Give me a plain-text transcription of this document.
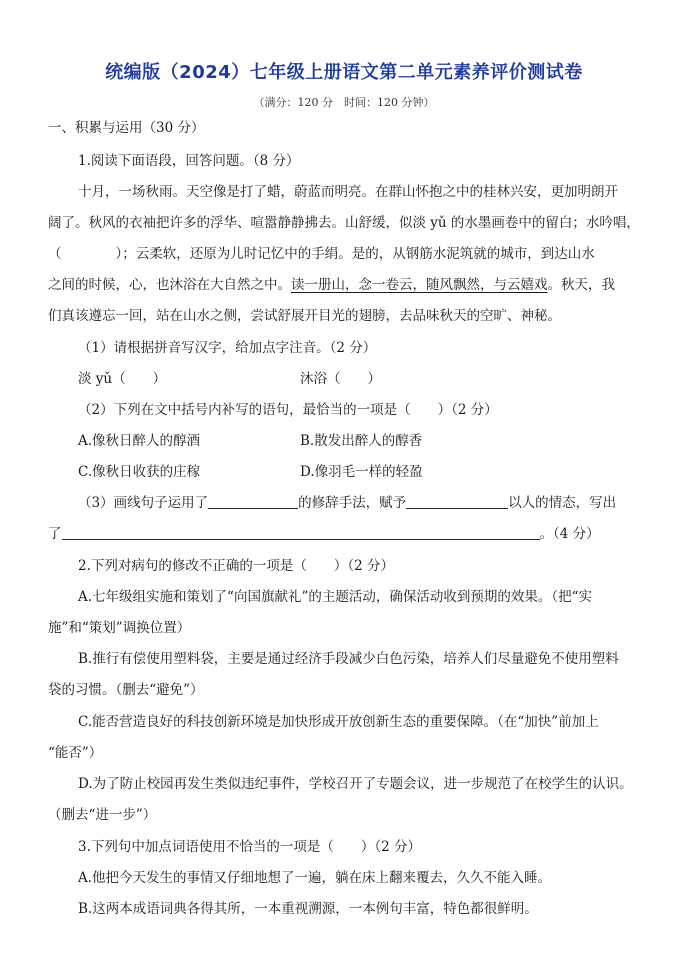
统编版（2024）七年级上册语文第二单元素养评价测试卷
（满分：120 分　时间：120 分钟）
一、积累与运用（30 分）
1.阅读下面语段，回答问题。（8 分）
十月，一场秋雨。天空像是打了蜡，蔚蓝而明亮。在群山怀抱之中的桂林兴安，更加明朗开
阔了。秋风的衣袖把许多的浮华、喧嚣静静拂去。山舒缓，似淡 yǔ 的水墨画卷中的留白；水吟唱，
（　　　　）；云柔软，还原为儿时记忆中的手绢。是的，从钢筋水泥筑就的城市，到达山水
之间的时候，心，也沐浴在大自然之中。读一册山，念一卷云，随风飘然，与云嬉戏。秋天，我
们真该遵忘一回，站在山水之侧，尝试舒展开目光的翅膀，去品味秋天的空旷、神秘。
（1）请根据拼音写汉字，给加点字注音。（2 分）
淡 yǔ（　　）	沐浴（　　）
（2）下列在文中括号内补写的语句，最恰当的一项是（　　）（2 分）
A.像秋日醉人的醇酒	B.散发出醉人的醇香
C.像秋日收获的庄稼	D.像羽毛一样的轻盈
（3）画线句子运用了	的修辞手法，赋予	以人的情态，写出
了	。（4 分）
2.下列对病句的修改不正确的一项是（　　）（2 分）
A.七年级组实施和策划了“向国旗献礼”的主题活动，确保活动收到预期的效果。（把“实
施”和“策划”调换位置）
B.推行有偿使用塑料袋，主要是通过经济手段减少白色污染，培养人们尽量避免不使用塑料
袋的习惯。（删去“避免”）
C.能否营造良好的科技创新环境是加快形成开放创新生态的重要保障。（在“加快”前加上
“能否”）
D.为了防止校园再发生类似违纪事件，学校召开了专题会议，进一步规范了在校学生的认识。
（删去“进一步”）
3.下列句中加点词语使用不恰当的一项是（　　）（2 分）
A.他把今天发生的事情又仔细地想了一遍，躺在床上翻来覆去，久久不能入睡。
B.这两本成语词典各得其所，一本重视溯源，一本例句丰富，特色都很鲜明。
